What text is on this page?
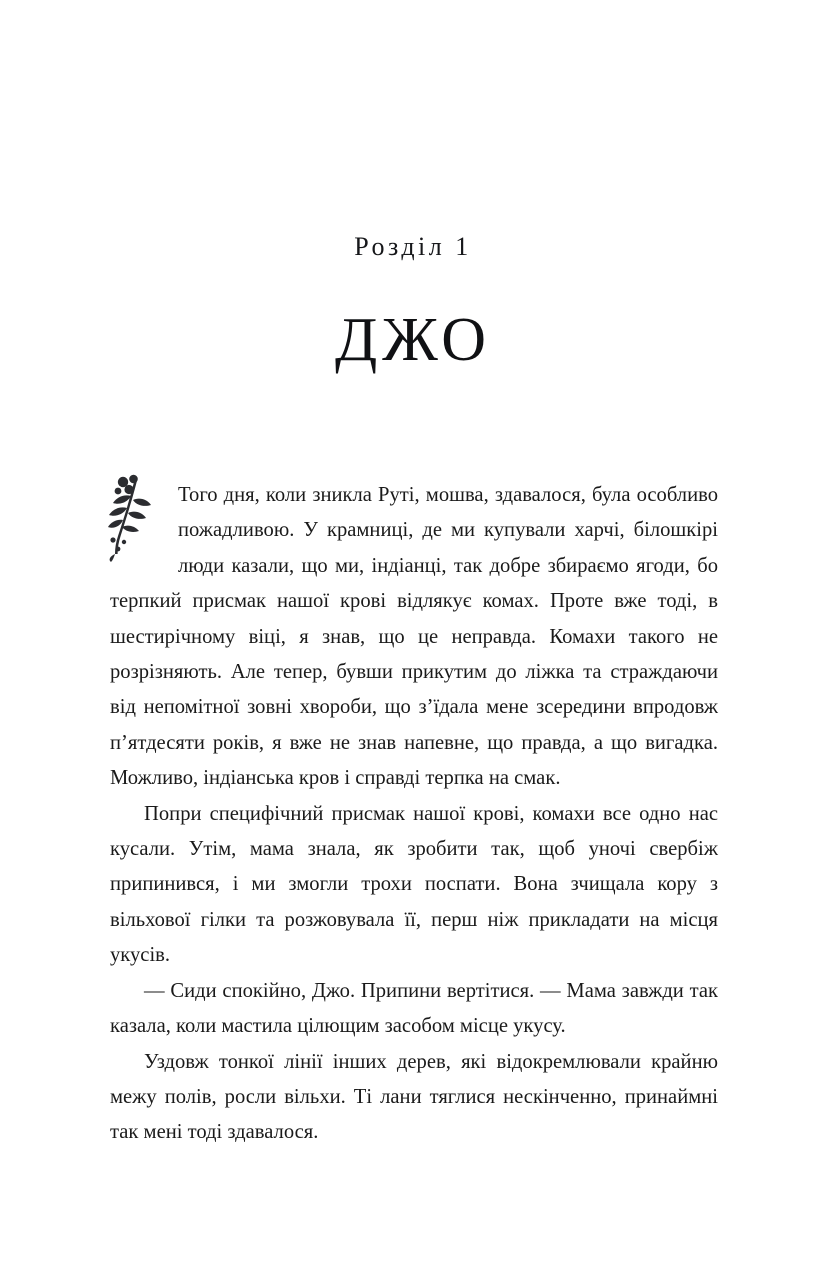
Розділ 1
ДЖО

Того дня, коли зникла Руті, мошва, здавалося, була особливо пожадливою. У крамниці, де ми купували харчі, білошкірі люди казали, що ми, індіанці, так добре збираємо ягоди, бо терпкий присмак нашої крові відлякує комах. Проте вже тоді, в шестирічному віці, я знав, що це неправда. Комахи такого не розрізняють. Але тепер, бувши прикутим до ліжка та страждаючи від непомітної зовні хвороби, що з’їдала мене зсередини впродовж п’ятдесяти років, я вже не знав напевне, що правда, а що вигадка. Можливо, індіанська кров і справді терпка на смак.

Попри специфічний присмак нашої крові, комахи все одно нас кусали. Утім, мама знала, як зробити так, щоб уночі свербіж припинився, і ми змогли трохи поспати. Вона зчищала кору з вільхової гілки та розжовувала її, перш ніж прикладати на місця укусів.

— Сиди спокійно, Джо. Припини вертітися. — Мама завжди так казала, коли мастила цілющим засобом місце укусу.

Уздовж тонкої лінії інших дерев, які відокремлювали крайню межу полів, росли вільхи. Ті лани тяглися нескінченно, принаймні так мені тоді здавалося.
